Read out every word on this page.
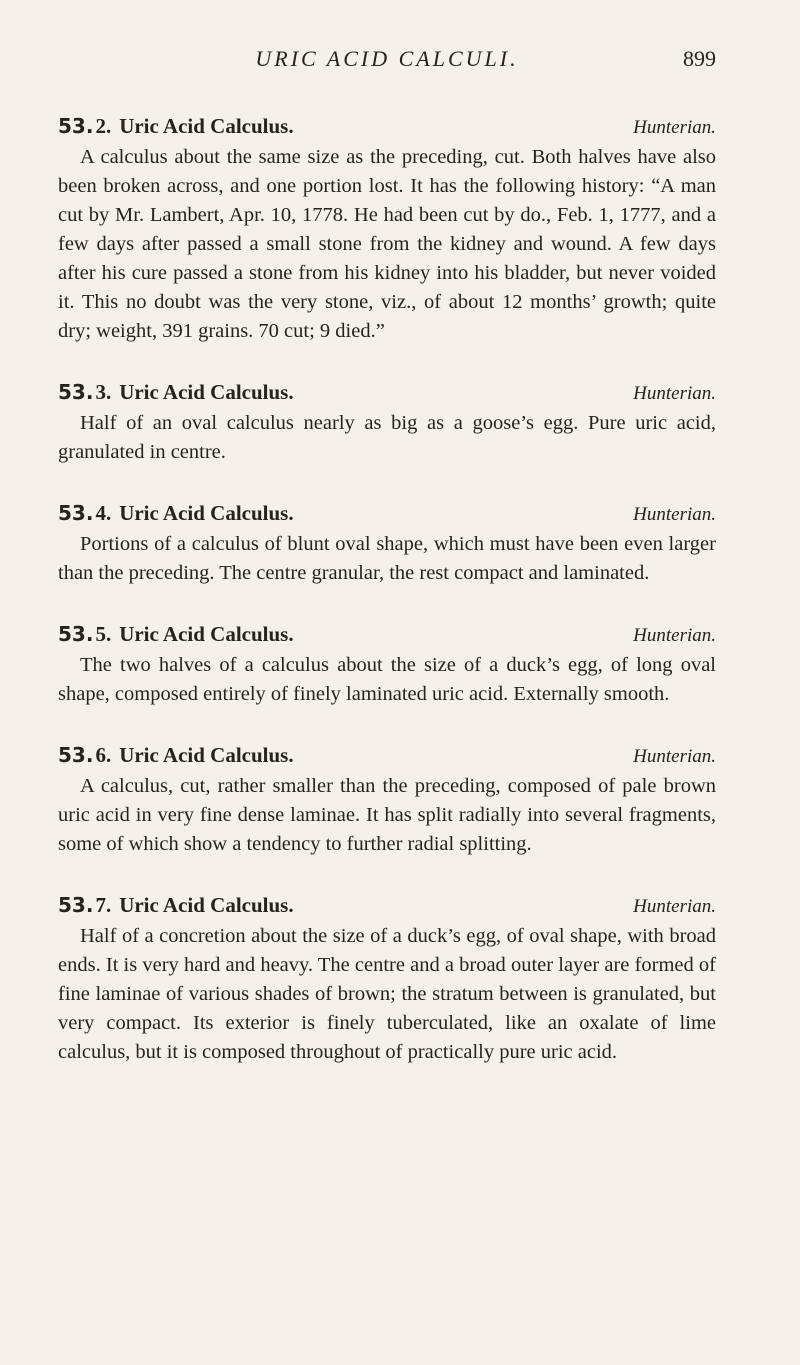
URIC ACID CALCULI.	899
53.2. Uric Acid Calculus.	Hunterian.

A calculus about the same size as the preceding, cut. Both halves have also been broken across, and one portion lost. It has the following history: “A man cut by Mr. Lambert, Apr. 10, 1778. He had been cut by do., Feb. 1, 1777, and a few days after passed a small stone from the kidney and wound. A few days after his cure passed a stone from his kidney into his bladder, but never voided it. This no doubt was the very stone, viz., of about 12 months’ growth; quite dry; weight, 391 grains. 70 cut; 9 died.”

53.3. Uric Acid Calculus.	Hunterian.

Half of an oval calculus nearly as big as a goose’s egg. Pure uric acid, granulated in centre.

53.4. Uric Acid Calculus.	Hunterian.

Portions of a calculus of blunt oval shape, which must have been even larger than the preceding. The centre granular, the rest compact and laminated.

53.5. Uric Acid Calculus.	Hunterian.

The two halves of a calculus about the size of a duck’s egg, of long oval shape, composed entirely of finely laminated uric acid. Externally smooth.

53.6. Uric Acid Calculus.	Hunterian.

A calculus, cut, rather smaller than the preceding, composed of pale brown uric acid in very fine dense laminae. It has split radially into several fragments, some of which show a tendency to further radial splitting.

53.7. Uric Acid Calculus.	Hunterian.

Half of a concretion about the size of a duck’s egg, of oval shape, with broad ends. It is very hard and heavy. The centre and a broad outer layer are formed of fine laminae of various shades of brown; the stratum between is granulated, but very compact. Its exterior is finely tuberculated, like an oxalate of lime calculus, but it is composed throughout of practically pure uric acid.
